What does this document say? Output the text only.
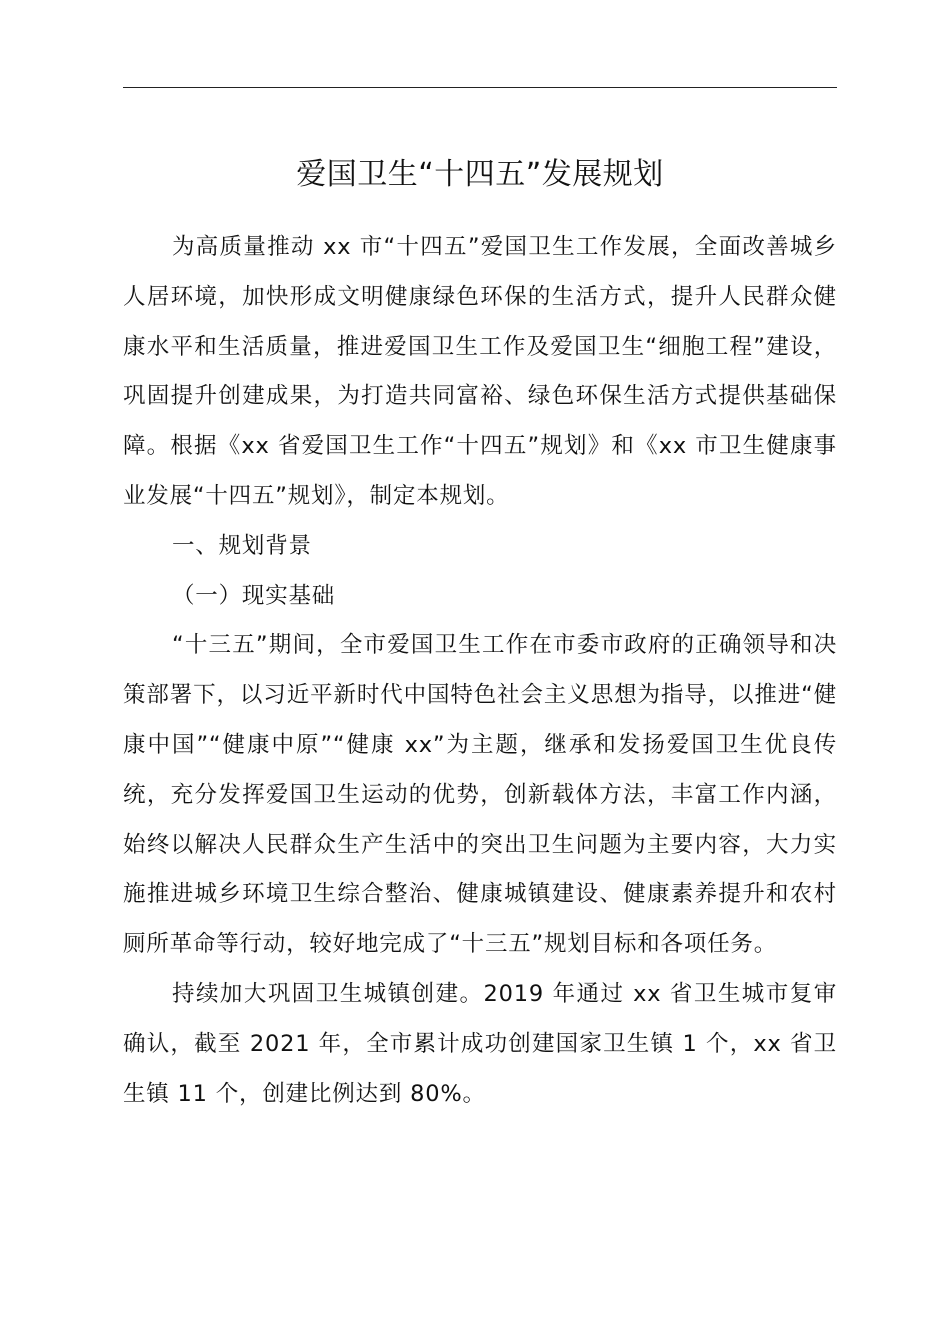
爱国卫生“十四五”发展规划

为高质量推动 xx 市“十四五”爱国卫生工作发展，全面改善城乡人居环境，加快形成文明健康绿色环保的生活方式，提升人民群众健康水平和生活质量，推进爱国卫生工作及爱国卫生“细胞工程”建设，巩固提升创建成果，为打造共同富裕、绿色环保生活方式提供基础保障。根据《xx 省爱国卫生工作“十四五”规划》和《xx 市卫生健康事业发展“十四五”规划》，制定本规划。

一、规划背景

（一）现实基础

“十三五”期间，全市爱国卫生工作在市委市政府的正确领导和决策部署下，以习近平新时代中国特色社会主义思想为指导，以推进“健康中国”“健康中原”“健康 xx”为主题，继承和发扬爱国卫生优良传统，充分发挥爱国卫生运动的优势，创新载体方法，丰富工作内涵，始终以解决人民群众生产生活中的突出卫生问题为主要内容，大力实施推进城乡环境卫生综合整治、健康城镇建设、健康素养提升和农村厕所革命等行动，较好地完成了“十三五”规划目标和各项任务。

持续加大巩固卫生城镇创建。2019 年通过 xx 省卫生城市复审确认，截至 2021 年，全市累计成功创建国家卫生镇 1 个，xx 省卫生镇 11 个，创建比例达到 80%。
